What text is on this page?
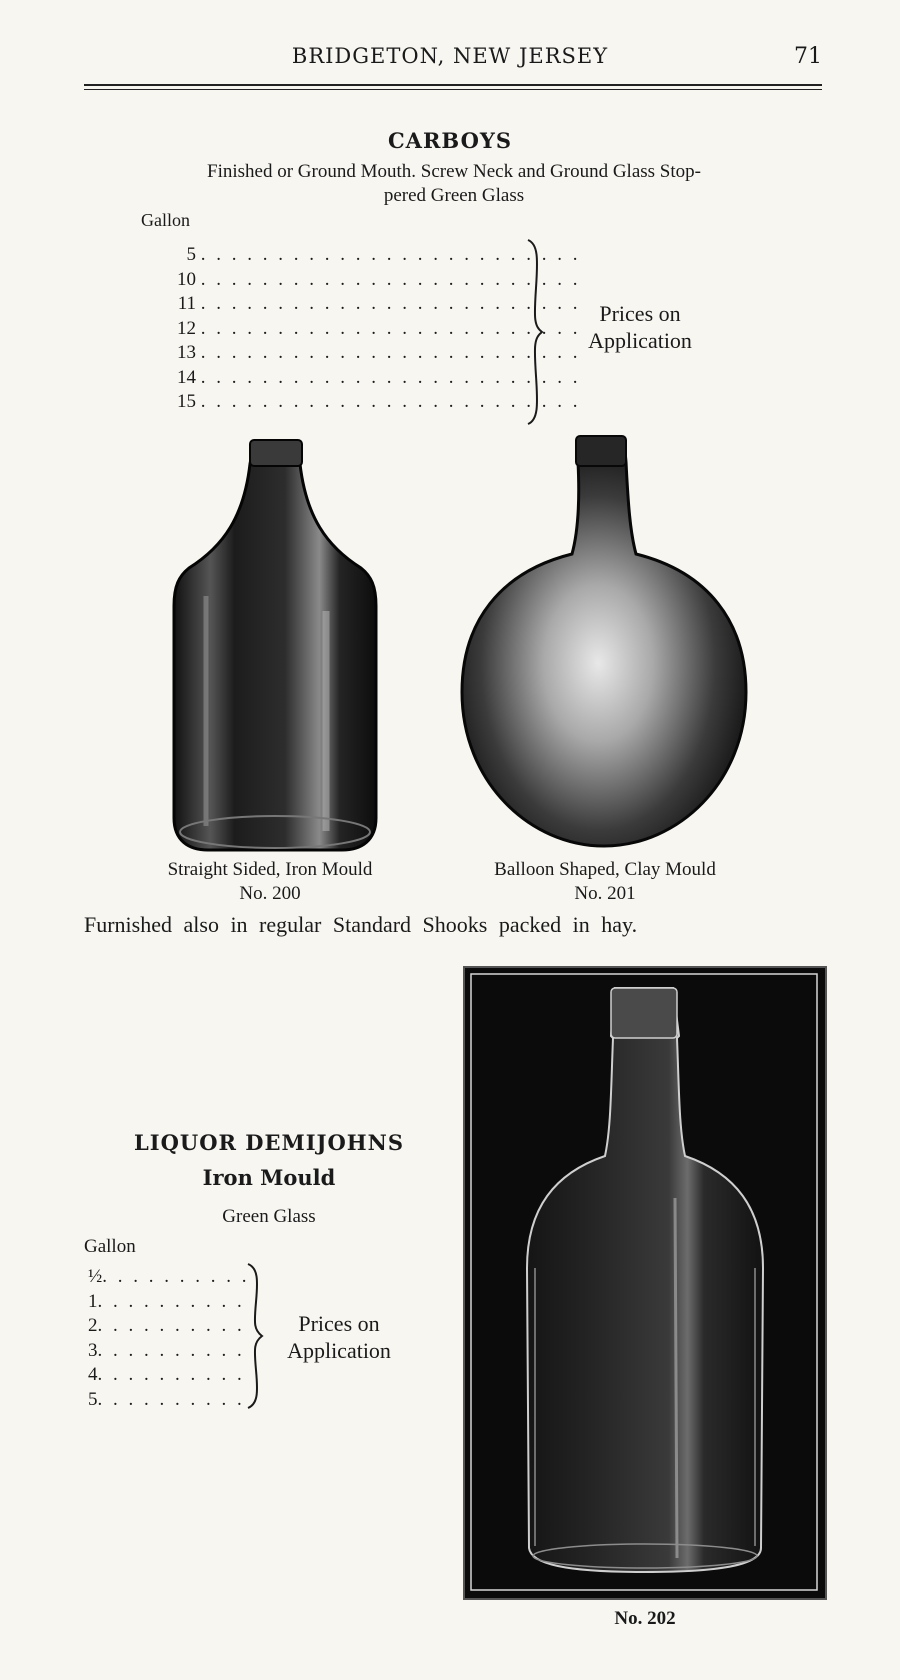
BRIDGETON, NEW JERSEY	71
CARBOYS
Finished or Ground Mouth. Screw Neck and Ground Glass Stop-
pered Green Glass
Gallon
5 . . . . . . . . . . . . . . . . . . . . . . . . .
10 . . . . . . . . . . . . . . . . . . . . . . . . .
11 . . . . . . . . . . . . . . . . . . . . . . . . .
12 . . . . . . . . . . . . . . . . . . . . . . . . .
13 . . . . . . . . . . . . . . . . . . . . . . . . .
14 . . . . . . . . . . . . . . . . . . . . . . . . .
15 . . . . . . . . . . . . . . . . . . . . . . . . .
Prices on
Application
Straight Sided, Iron Mould
No. 200
Balloon Shaped, Clay Mould
No. 201
Furnished also in regular Standard Shooks packed in hay.
LIQUOR DEMIJOHNS
Iron Mould
Green Glass
Gallon
½. . . . . . . . . .
1. . . . . . . . . .
2. . . . . . . . . .
3. . . . . . . . . .
4. . . . . . . . . .
5. . . . . . . . . .
Prices on
Application
No. 202
